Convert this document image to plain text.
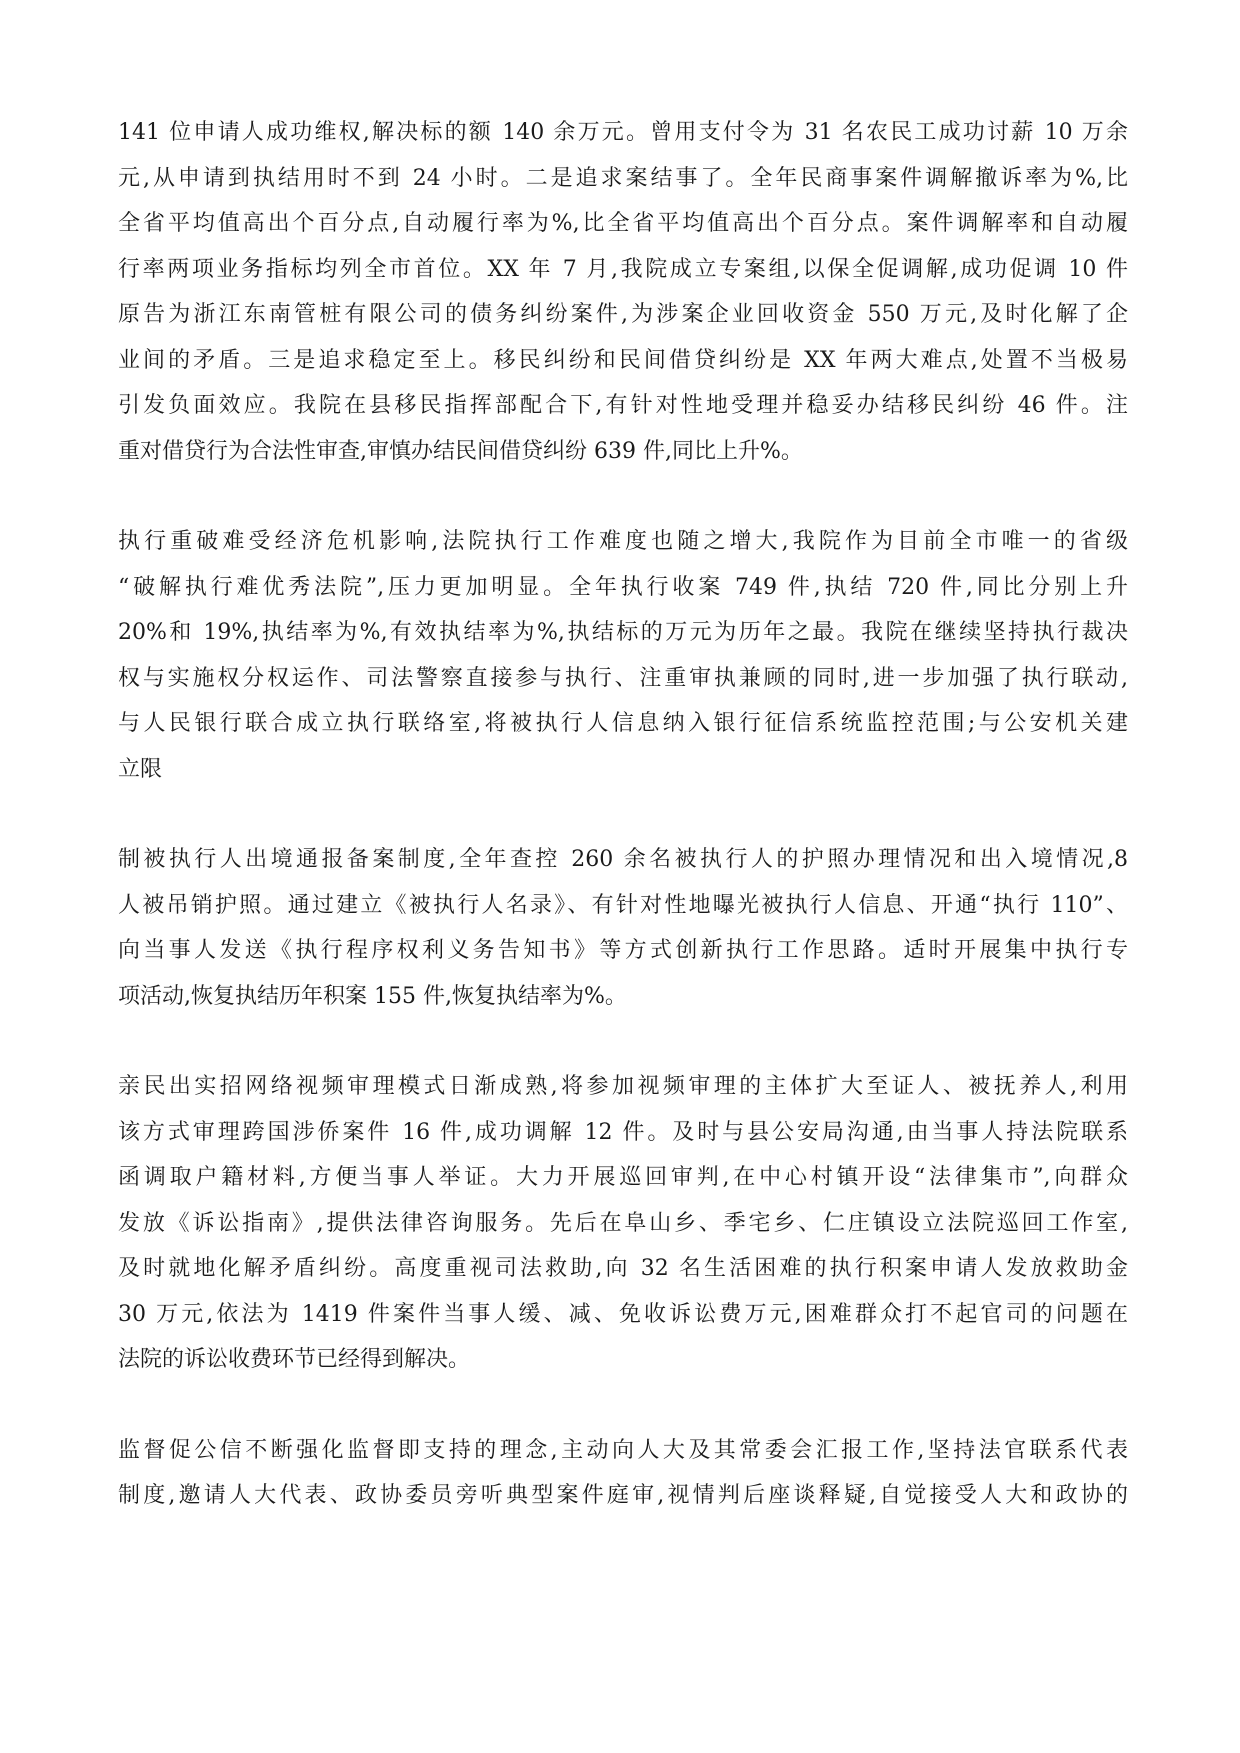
141 位申请人成功维权,解决标的额 140 余万元。曾用支付令为 31 名农民工成功讨薪 10 万余
元,从申请到执结用时不到 24 小时。二是追求案结事了。全年民商事案件调解撤诉率为%,比
全省平均值高出个百分点,自动履行率为%,比全省平均值高出个百分点。案件调解率和自动履
行率两项业务指标均列全市首位。XX 年 7 月,我院成立专案组,以保全促调解,成功促调 10 件
原告为浙江东南管桩有限公司的债务纠纷案件,为涉案企业回收资金 550 万元,及时化解了企
业间的矛盾。三是追求稳定至上。移民纠纷和民间借贷纠纷是 XX 年两大难点,处置不当极易
引发负面效应。我院在县移民指挥部配合下,有针对性地受理并稳妥办结移民纠纷 46 件。注
重对借贷行为合法性审查,审慎办结民间借贷纠纷 639 件,同比上升%。
执行重破难受经济危机影响,法院执行工作难度也随之增大,我院作为目前全市唯一的省级
“破解执行难优秀法院”,压力更加明显。全年执行收案 749 件,执结 720 件,同比分别上升
20%和 19%,执结率为%,有效执结率为%,执结标的万元为历年之最。我院在继续坚持执行裁决
权与实施权分权运作、司法警察直接参与执行、注重审执兼顾的同时,进一步加强了执行联动,
与人民银行联合成立执行联络室,将被执行人信息纳入银行征信系统监控范围;与公安机关建
立限
制被执行人出境通报备案制度,全年查控 260 余名被执行人的护照办理情况和出入境情况,8
人被吊销护照。通过建立《被执行人名录》、有针对性地曝光被执行人信息、开通“执行 110”、
向当事人发送《执行程序权利义务告知书》等方式创新执行工作思路。适时开展集中执行专
项活动,恢复执结历年积案 155 件,恢复执结率为%。
亲民出实招网络视频审理模式日渐成熟,将参加视频审理的主体扩大至证人、被抚养人,利用
该方式审理跨国涉侨案件 16 件,成功调解 12 件。及时与县公安局沟通,由当事人持法院联系
函调取户籍材料,方便当事人举证。大力开展巡回审判,在中心村镇开设“法律集市”,向群众
发放《诉讼指南》,提供法律咨询服务。先后在阜山乡、季宅乡、仁庄镇设立法院巡回工作室,
及时就地化解矛盾纠纷。高度重视司法救助,向 32 名生活困难的执行积案申请人发放救助金
30 万元,依法为 1419 件案件当事人缓、减、免收诉讼费万元,困难群众打不起官司的问题在
法院的诉讼收费环节已经得到解决。
监督促公信不断强化监督即支持的理念,主动向人大及其常委会汇报工作,坚持法官联系代表
制度,邀请人大代表、政协委员旁听典型案件庭审,视情判后座谈释疑,自觉接受人大和政协的
